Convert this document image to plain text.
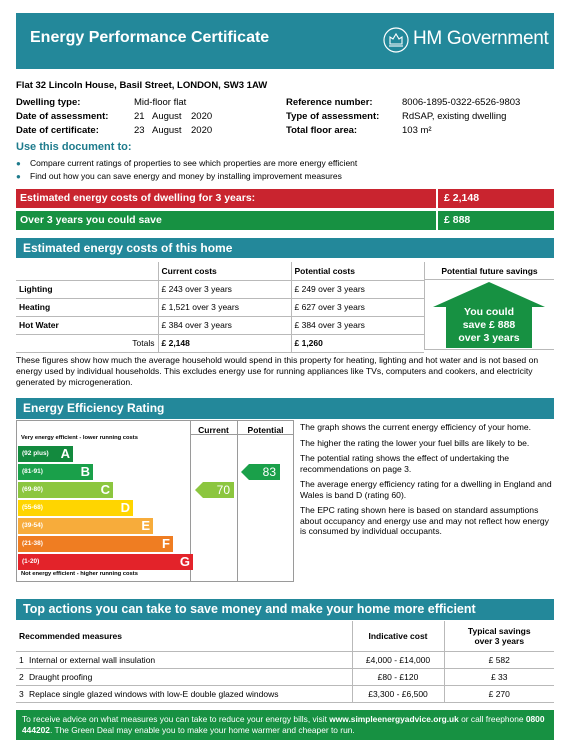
Energy Performance Certificate	HM Government
Flat 32 Lincoln House, Basil Street, LONDON, SW3 1AW
Dwelling type:	Mid-floor flat
Date of assessment:	21 August 2020
Date of certificate:	23 August 2020
Reference number:	8006-1895-0322-6526-9803
Type of assessment: RdSAP, existing dwelling
Total floor area:	103 m²
Use this document to:
● Compare current ratings of properties to see which properties are more energy efficient
● Find out how you can save energy and money by installing improvement measures
Estimated energy costs of dwelling for 3 years:	£ 2,148
Over 3 years you could save	£ 888
Estimated energy costs of this home
	Current costs	Potential costs
Lighting	£ 243 over 3 years	£ 249 over 3 years
Heating	£ 1,521 over 3 years	£ 627 over 3 years
Hot Water	£ 384 over 3 years	£ 384 over 3 years
Totals	£ 2,148	£ 1,260
Potential future savings
You could
save £ 888
over 3 years
These figures show how much the average household would spend in this property for heating, lighting and hot water and is not based on energy used by individual households. This excludes energy use for running appliances like TVs, computers and cookers, and electricity generated by microgeneration.
Energy Efficiency Rating
Current	Potential
Very energy efficient - lower running costs
Not energy efficient - higher running costs
(92 plus) A
(81-91)	B
(69-80)	C
(55-68)	D
(39-54)	E
(21-38)	F
(1-20)	G
70
83

The graph shows the current energy efficiency of your home.

The higher the rating the lower your fuel bills are likely to be.

The potential rating shows the effect of undertaking the recommendations on page 3.

The average energy efficiency rating for a dwelling in England and Wales is band D (rating 60).

The EPC rating shown here is based on standard assumptions about occupancy and energy use and may not reflect how energy is consumed by individual occupants.

Top actions you can take to save money and make your home more efficient
Recommended measures	Indicative cost	Typical savings
over 3 years

1 Internal or external wall insulation	£4,000 - £14,000	£ 582
2 Draught proofing	£80 - £120	£ 33
3 Replace single glazed windows with low-E double glazed windows	£3,300 - £6,500	£ 270
To receive advice on what measures you can take to reduce your energy bills, visit www.simpleenergyadvice.org.uk or call freephone 0800 444202. The Green Deal may enable you to make your home warmer and cheaper to run.
